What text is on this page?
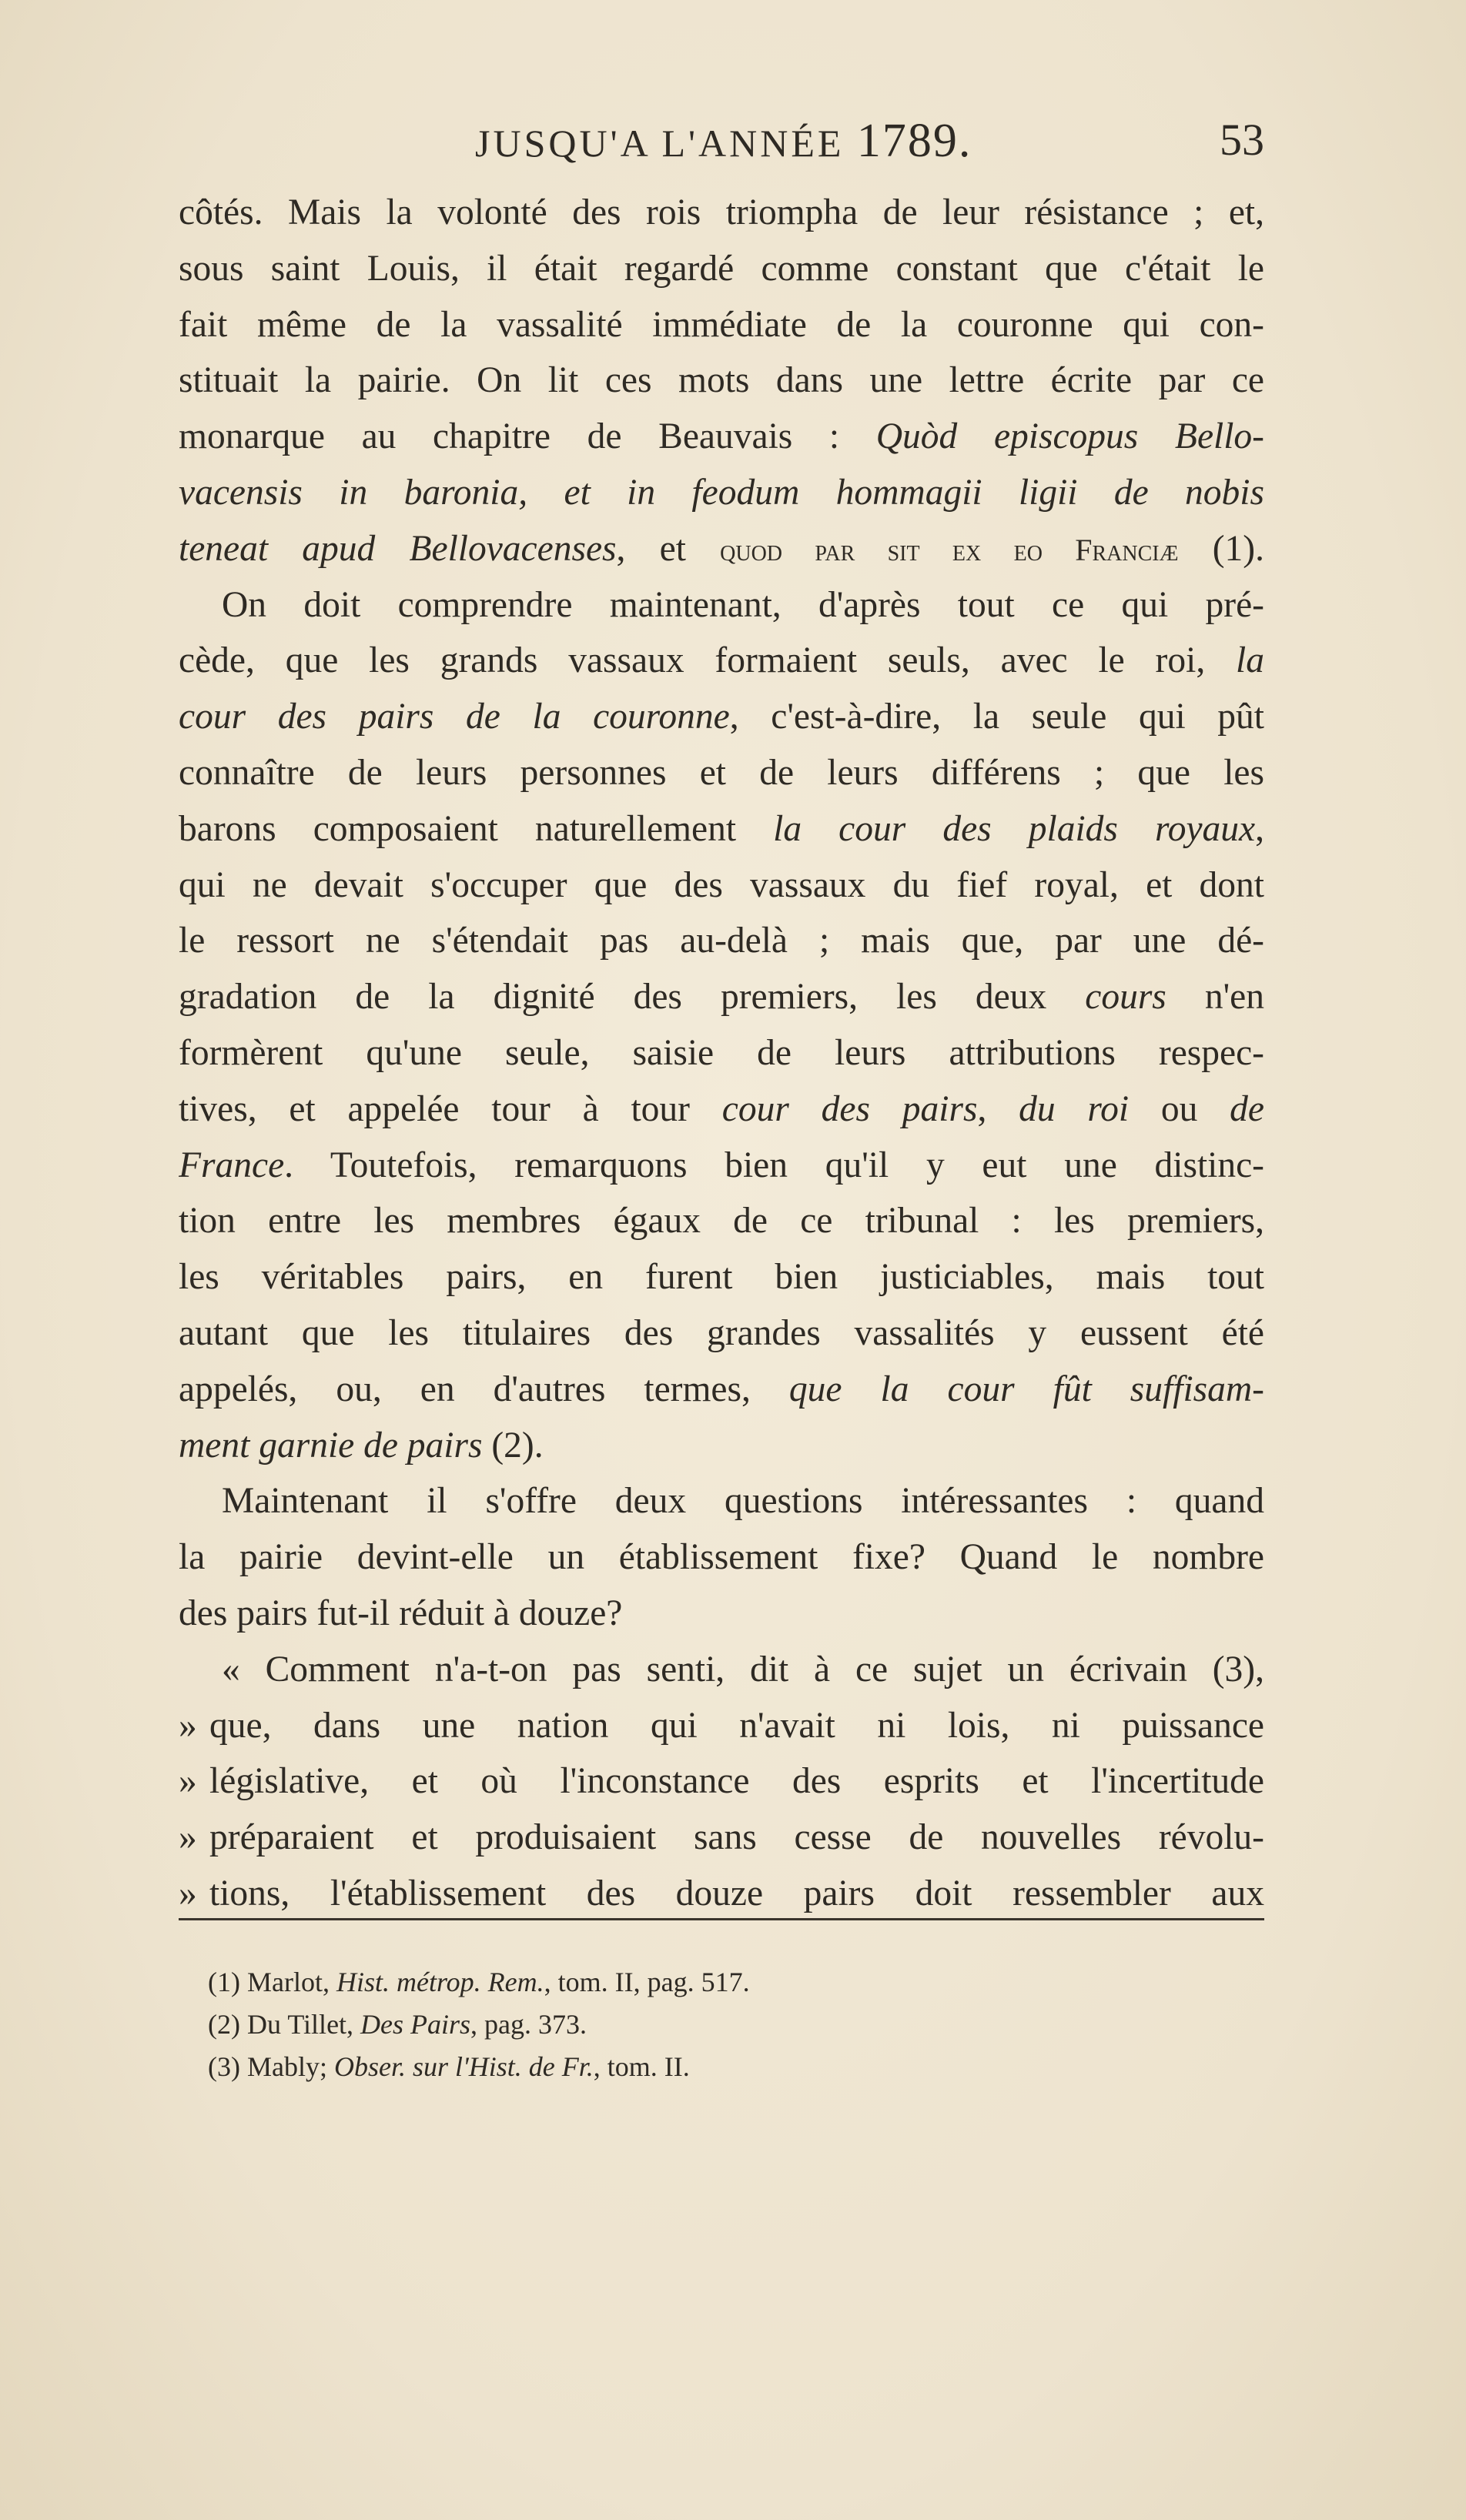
JUSQU'A L'ANNÉE 1789.	53
côtés. Mais la volonté des rois triompha de leur résistance ; et,
sous saint Louis, il était regardé comme constant que c'était le
fait même de la vassalité immédiate de la couronne qui con-
stituait la pairie. On lit ces mots dans une lettre écrite par ce
monarque au chapitre de Beauvais : Quòd episcopus Bello-
vacensis in baronia, et in feodum hommagii ligii de nobis
teneat apud Bellovacenses, et quod par sit ex eo Franciæ (1).
On doit comprendre maintenant, d'après tout ce qui pré-
cède, que les grands vassaux formaient seuls, avec le roi, la
cour des pairs de la couronne, c'est-à-dire, la seule qui pût
connaître de leurs personnes et de leurs différens ; que les
barons composaient naturellement la cour des plaids royaux,
qui ne devait s'occuper que des vassaux du fief royal, et dont
le ressort ne s'étendait pas au-delà ; mais que, par une dé-
gradation de la dignité des premiers, les deux cours n'en
formèrent qu'une seule, saisie de leurs attributions respec-
tives, et appelée tour à tour cour des pairs, du roi ou de
France. Toutefois, remarquons bien qu'il y eut une distinc-
tion entre les membres égaux de ce tribunal : les premiers,
les véritables pairs, en furent bien justiciables, mais tout
autant que les titulaires des grandes vassalités y eussent été
appelés, ou, en d'autres termes, que la cour fût suffisam-
ment garnie de pairs (2).
Maintenant il s'offre deux questions intéressantes : quand
la pairie devint-elle un établissement fixe? Quand le nombre
des pairs fut-il réduit à douze?
« Comment n'a-t-on pas senti, dit à ce sujet un écrivain (3),
» que, dans une nation qui n'avait ni lois, ni puissance
» législative, et où l'inconstance des esprits et l'incertitude
» préparaient et produisaient sans cesse de nouvelles révolu-
» tions, l'établissement des douze pairs doit ressembler aux
(1) Marlot, Hist. métrop. Rem., tom. II, pag. 517.
(2) Du Tillet, Des Pairs, pag. 373.
(3) Mably; Obser. sur l'Hist. de Fr., tom. II.
